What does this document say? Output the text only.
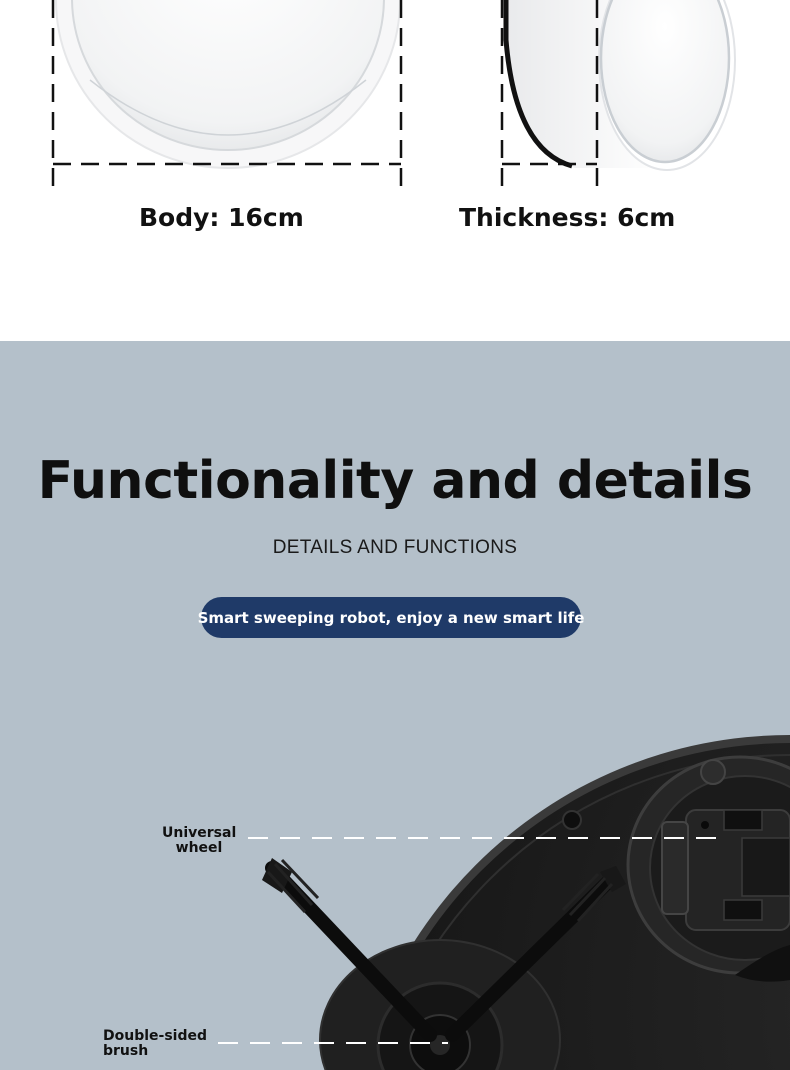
Body: 16cm	Thickness: 6cm
Functionality and details
DETAILS AND FUNCTIONS
Smart sweeping robot, enjoy a new smart life
Universal
wheel
Double-sided
brush
